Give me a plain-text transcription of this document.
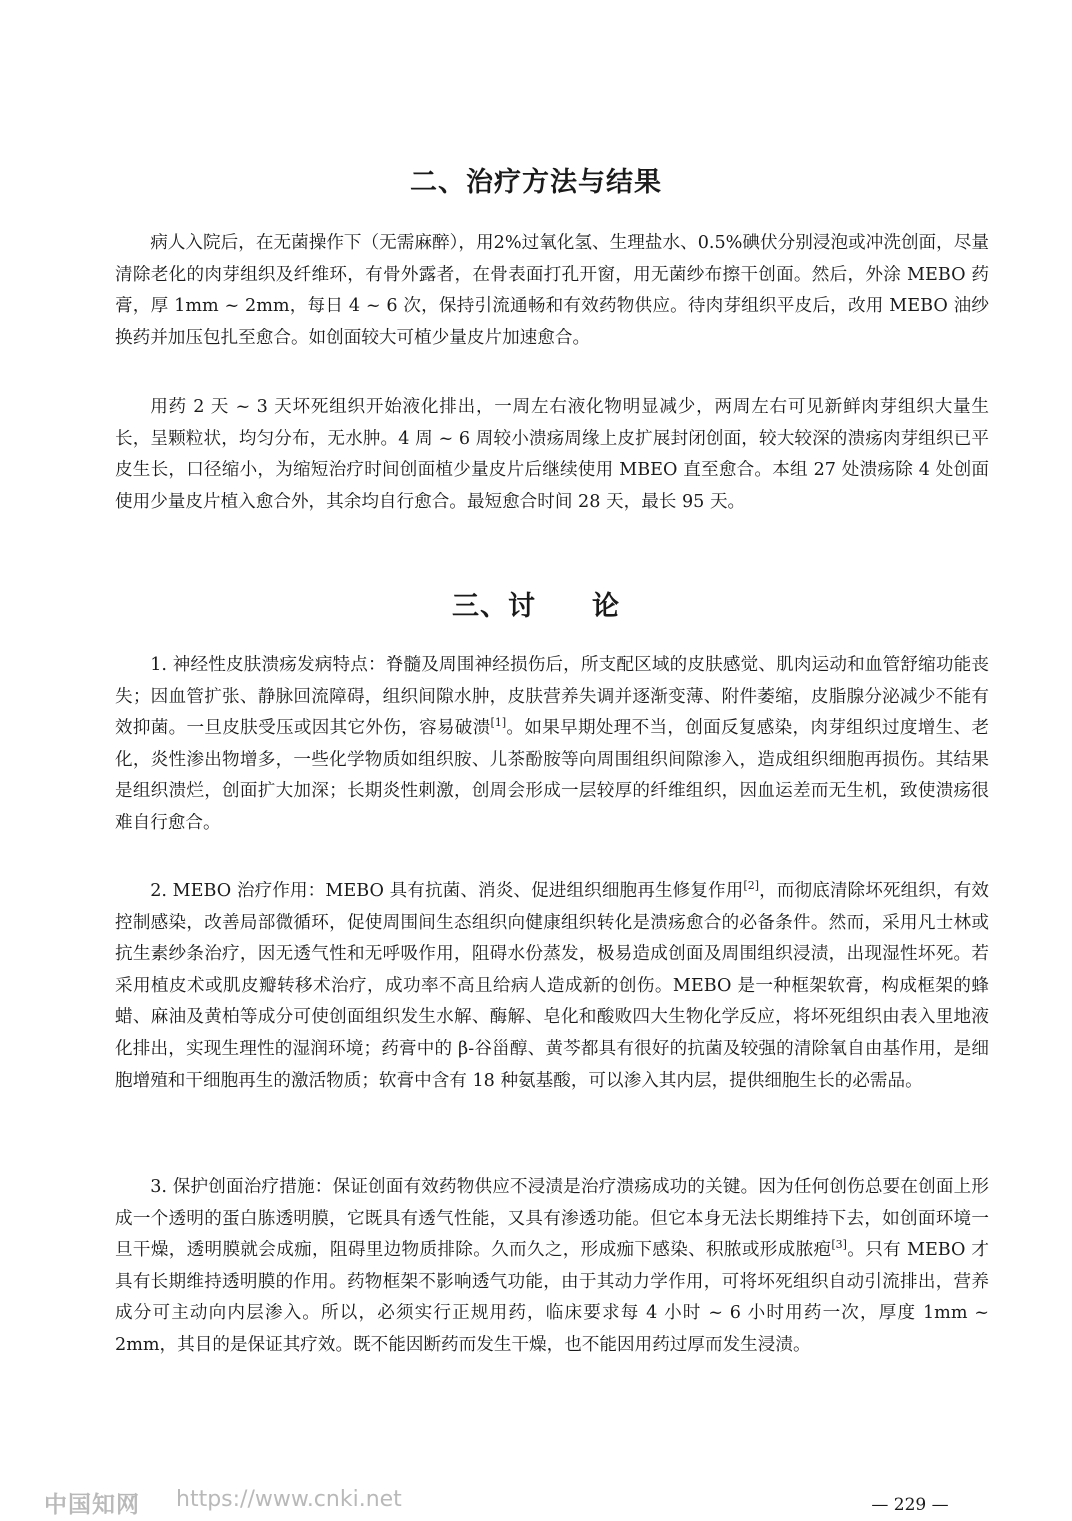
二、治疗方法与结果

病人入院后，在无菌操作下（无需麻醉），用2%过氧化氢、生理盐水、0.5%碘伏分别浸泡或冲洗创面，尽量清除老化的肉芽组织及纤维环，有骨外露者，在骨表面打孔开窗，用无菌纱布擦干创面。然后，外涂 MEBO 药膏，厚 1mm ~ 2mm，每日 4 ~ 6 次，保持引流通畅和有效药物供应。待肉芽组织平皮后，改用 MEBO 油纱换药并加压包扎至愈合。如创面较大可植少量皮片加速愈合。

用药 2 天 ~ 3 天坏死组织开始液化排出，一周左右液化物明显减少，两周左右可见新鲜肉芽组织大量生长，呈颗粒状，均匀分布，无水肿。4 周 ~ 6 周较小溃疡周缘上皮扩展封闭创面，较大较深的溃疡肉芽组织已平皮生长，口径缩小，为缩短治疗时间创面植少量皮片后继续使用 MBEO 直至愈合。本组 27 处溃疡除 4 处创面使用少量皮片植入愈合外，其余均自行愈合。最短愈合时间 28 天，最长 95 天。

三、讨　　论

1. 神经性皮肤溃疡发病特点：脊髓及周围神经损伤后，所支配区域的皮肤感觉、肌肉运动和血管舒缩功能丧失；因血管扩张、静脉回流障碍，组织间隙水肿，皮肤营养失调并逐渐变薄、附件萎缩，皮脂腺分泌减少不能有效抑菌。一旦皮肤受压或因其它外伤，容易破溃[1]。如果早期处理不当，创面反复感染，肉芽组织过度增生、老化，炎性渗出物增多，一些化学物质如组织胺、儿茶酚胺等向周围组织间隙渗入，造成组织细胞再损伤。其结果是组织溃烂，创面扩大加深；长期炎性刺激，创周会形成一层较厚的纤维组织，因血运差而无生机，致使溃疡很难自行愈合。

2. MEBO 治疗作用：MEBO 具有抗菌、消炎、促进组织细胞再生修复作用[2]，而彻底清除坏死组织，有效控制感染，改善局部微循环，促使周围间生态组织向健康组织转化是溃疡愈合的必备条件。然而，采用凡士林或抗生素纱条治疗，因无透气性和无呼吸作用，阻碍水份蒸发，极易造成创面及周围组织浸渍，出现湿性坏死。若采用植皮术或肌皮瓣转移术治疗，成功率不高且给病人造成新的创伤。MEBO 是一种框架软膏，构成框架的蜂蜡、麻油及黄柏等成分可使创面组织发生水解、酶解、皂化和酸败四大生物化学反应，将坏死组织由表入里地液化排出，实现生理性的湿润环境；药膏中的 β-谷甾醇、黄芩都具有很好的抗菌及较强的清除氧自由基作用，是细胞增殖和干细胞再生的激活物质；软膏中含有 18 种氨基酸，可以渗入其内层，提供细胞生长的必需品。

3. 保护创面治疗措施：保证创面有效药物供应不浸渍是治疗溃疡成功的关键。因为任何创伤总要在创面上形成一个透明的蛋白胨透明膜，它既具有透气性能，又具有渗透功能。但它本身无法长期维持下去，如创面环境一旦干燥，透明膜就会成痂，阻碍里边物质排除。久而久之，形成痂下感染、积脓或形成脓疱[3]。只有 MEBO 才具有长期维持透明膜的作用。药物框架不影响透气功能，由于其动力学作用，可将坏死组织自动引流排出，营养成分可主动向内层渗入。所以，必须实行正规用药，临床要求每 4 小时 ~ 6 小时用药一次，厚度 1mm ~ 2mm，其目的是保证其疗效。既不能因断药而发生干燥，也不能因用药过厚而发生浸渍。

— 229 —
中国知网 https://www.cnki.net
